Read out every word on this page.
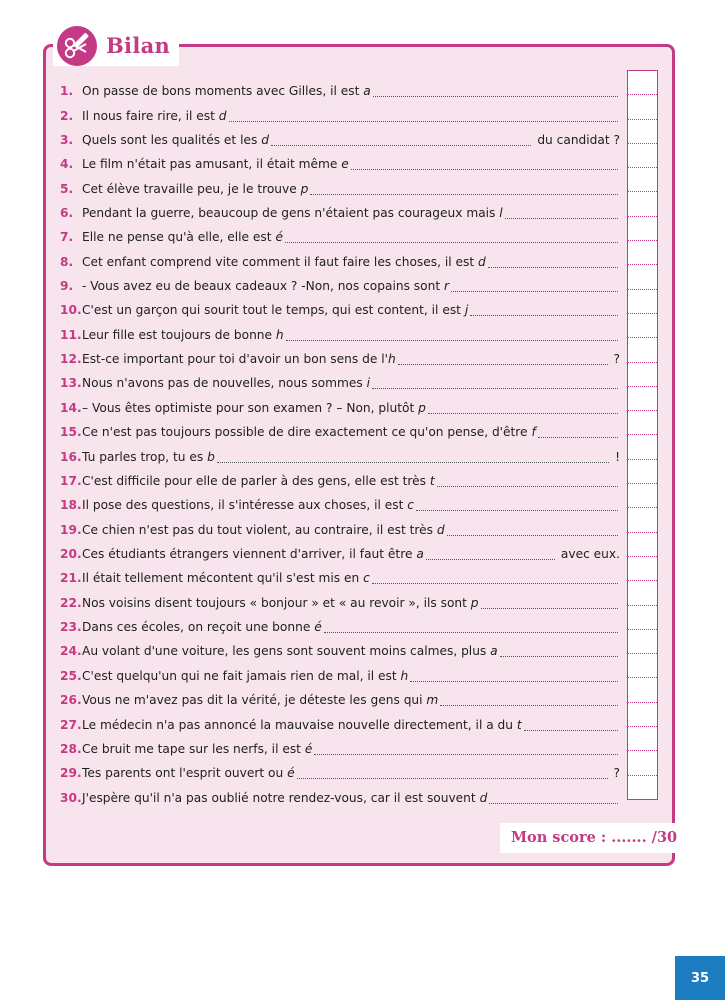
Bilan
1. On passe de bons moments avec Gilles, il est a
2. Il nous faire rire, il est d
3. Quels sont les qualités et les d	du candidat ?
4. Le film n'était pas amusant, il était même e
5. Cet élève travaille peu, je le trouve p
6. Pendant la guerre, beaucoup de gens n'étaient pas courageux mais l
7. Elle ne pense qu'à elle, elle est é
8. Cet enfant comprend vite comment il faut faire les choses, il est d
9. - Vous avez eu de beaux cadeaux ? -Non, nos copains sont r
10. C'est un garçon qui sourit tout le temps, qui est content, il est j
11. Leur fille est toujours de bonne h
12. Est-ce important pour toi d'avoir un bon sens de l'h	?
13. Nous n'avons pas de nouvelles, nous sommes i
14. – Vous êtes optimiste pour son examen ? – Non, plutôt p
15. Ce n'est pas toujours possible de dire exactement ce qu'on pense, d'être f
16. Tu parles trop, tu es b	!
17. C'est difficile pour elle de parler à des gens, elle est très t
18. Il pose des questions, il s'intéresse aux choses, il est c
19. Ce chien n'est pas du tout violent, au contraire, il est très d
20. Ces étudiants étrangers viennent d'arriver, il faut être a	avec eux.
21. Il était tellement mécontent qu'il s'est mis en c
22. Nos voisins disent toujours « bonjour » et « au revoir », ils sont p
23. Dans ces écoles, on reçoit une bonne é
24. Au volant d'une voiture, les gens sont souvent moins calmes, plus a
25. C'est quelqu'un qui ne fait jamais rien de mal, il est h
26. Vous ne m'avez pas dit la vérité, je déteste les gens qui m
27. Le médecin n'a pas annoncé la mauvaise nouvelle directement, il a du t
28. Ce bruit me tape sur les nerfs, il est é
29. Tes parents ont l'esprit ouvert ou é	?
30. J'espère qu'il n'a pas oublié notre rendez-vous, car il est souvent d
Mon score : ....... /30
35
